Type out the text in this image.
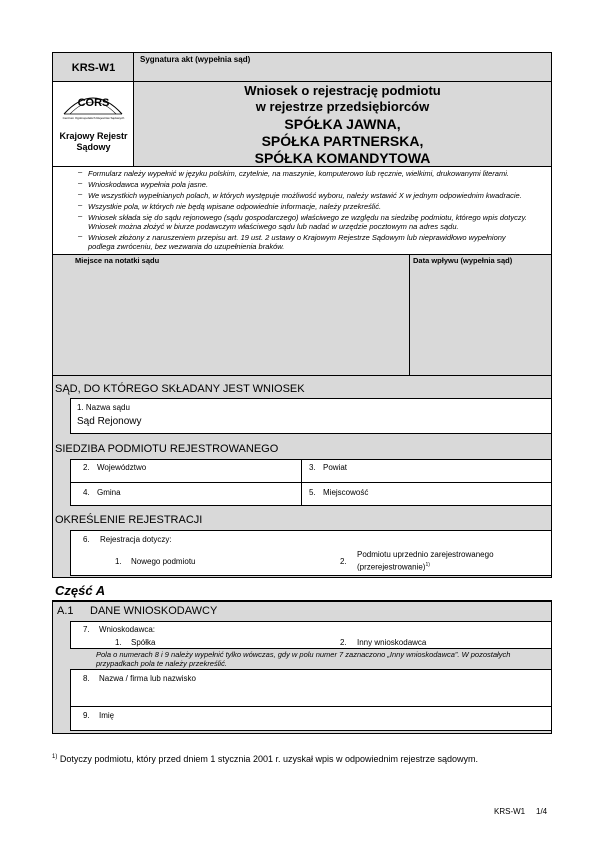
KRS-W1
Sygnatura akt (wypełnia sąd)
CORS
Centrum Ogólnopolskich Rejestrów Sądowych
Krajowy Rejestr
Sądowy
Wniosek o rejestrację podmiotu
w rejestrze przedsiębiorców
SPÓŁKA JAWNA,
SPÓŁKA PARTNERSKA,
SPÓŁKA KOMANDYTOWA
– Formularz należy wypełnić w języku polskim, czytelnie, na maszynie, komputerowo lub ręcznie, wielkimi, drukowanymi literami.
– Wnioskodawca wypełnia pola jasne.
– We wszystkich wypełnianych polach, w których występuje możliwość wyboru, należy wstawić X w jednym odpowiednim kwadracie.
– Wszystkie pola, w których nie będą wpisane odpowiednie informacje, należy przekreślić.
– Wniosek składa się do sądu rejonowego (sądu gospodarczego) właściwego ze względu na siedzibę podmiotu, którego wpis dotyczy.
Wniosek można złożyć w biurze podawczym właściwego sądu lub nadać w urzędzie pocztowym na adres sądu.
– Wniosek złożony z naruszeniem przepisu art. 19 ust. 2 ustawy o Krajowym Rejestrze Sądowym lub nieprawidłowo wypełniony
podlega zwróceniu, bez wezwania do uzupełnienia braków.
Miejsce na notatki sądu	Data wpływu (wypełnia sąd)
SĄD, DO KTÓREGO SKŁADANY JEST WNIOSEK
1. Nazwa sądu
Sąd Rejonowy
SIEDZIBA PODMIOTU REJESTROWANEGO
2. Województwo	3. Powiat
4. Gmina	5. Miejscowość
OKREŚLENIE REJESTRACJI
6. Rejestracja dotyczy:
1. Nowego podmiotu	2.
Podmiotu uprzednio zarejestrowanego
(przerejestrowanie)$^{1)}$
Część A
A.1 DANE WNIOSKODAWCY
7. Wnioskodawca:
1. Spółka	2. Inny wnioskodawca
Pola o numerach 8 i 9 należy wypełnić tylko wówczas, gdy w polu numer 7 zaznaczono „Inny wnioskodawca”. W pozostałych
przypadkach pola te należy przekreślić.
8. Nazwa / firma lub nazwisko
9. Imię
$^{1)}$ Dotyczy podmiotu, który przed dniem 1 stycznia 2001 r. uzyskał wpis w odpowiednim rejestrze sądowym.
KRS-W1 1/4
